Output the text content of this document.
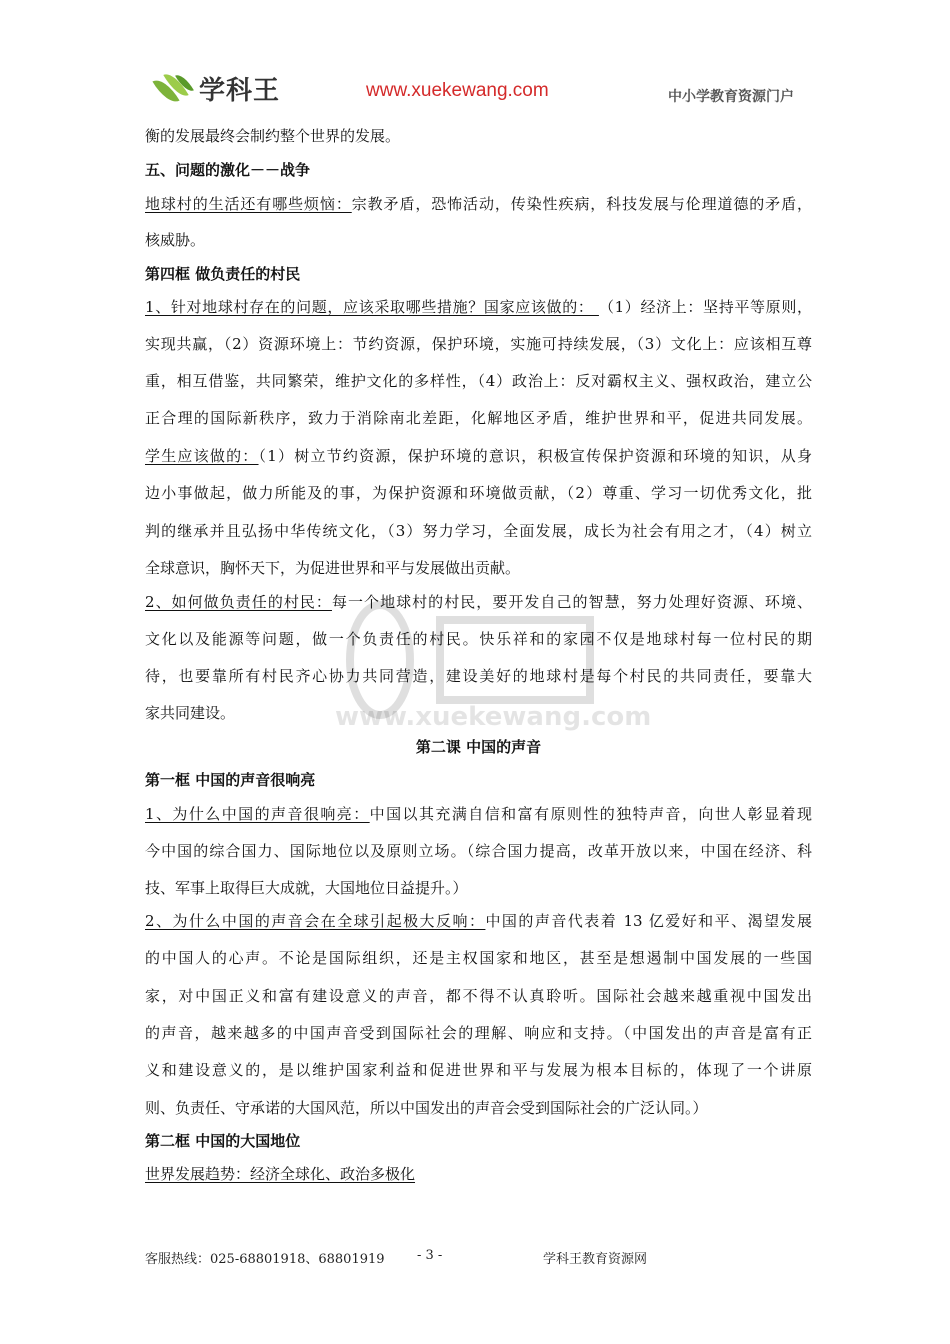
学科王	www.xuekewang.com	中小学教育资源门户
www.xuekewang.com
衡的发展最终会制约整个世界的发展。
五、问题的激化－－战争
地球村的生活还有哪些烦恼：宗教矛盾，恐怖活动，传染性疾病，科技发展与伦理道德的矛盾，
核威胁。
第四框 做负责任的村民
1、针对地球村存在的问题，应该采取哪些措施？国家应该做的： （1）经济上：坚持平等原则，
实现共赢，（2）资源环境上：节约资源，保护环境，实施可持续发展，（3）文化上：应该相互尊
重，相互借鉴，共同繁荣，维护文化的多样性，（4）政治上：反对霸权主义、强权政治，建立公
正合理的国际新秩序，致力于消除南北差距，化解地区矛盾，维护世界和平，促进共同发展。
学生应该做的：（1）树立节约资源，保护环境的意识，积极宣传保护资源和环境的知识，从身
边小事做起，做力所能及的事，为保护资源和环境做贡献，（2）尊重、学习一切优秀文化，批
判的继承并且弘扬中华传统文化，（3）努力学习，全面发展，成长为社会有用之才，（4）树立
全球意识，胸怀天下，为促进世界和平与发展做出贡献。
2、如何做负责任的村民：每一个地球村的村民，要开发自己的智慧，努力处理好资源、环境、
文化以及能源等问题，做一个负责任的村民。快乐祥和的家园不仅是地球村每一位村民的期
待，也要靠所有村民齐心协力共同营造，建设美好的地球村是每个村民的共同责任，要靠大
家共同建设。
第二课 中国的声音
第一框 中国的声音很响亮
1、为什么中国的声音很响亮：中国以其充满自信和富有原则性的独特声音，向世人彰显着现
今中国的综合国力、国际地位以及原则立场。（综合国力提高，改革开放以来，中国在经济、科
技、军事上取得巨大成就，大国地位日益提升。）
2、为什么中国的声音会在全球引起极大反响：中国的声音代表着 13 亿爱好和平、渴望发展
的中国人的心声。不论是国际组织，还是主权国家和地区，甚至是想遏制中国发展的一些国
家，对中国正义和富有建设意义的声音，都不得不认真聆听。国际社会越来越重视中国发出
的声音，越来越多的中国声音受到国际社会的理解、响应和支持。（中国发出的声音是富有正
义和建设意义的，是以维护国家利益和促进世界和平与发展为根本目标的，体现了一个讲原
则、负责任、守承诺的大国风范，所以中国发出的声音会受到国际社会的广泛认同。）
第二框 中国的大国地位
世界发展趋势：经济全球化、政治多极化
客服热线：025-68801918、68801919 - 3 -	学科王教育资源网
